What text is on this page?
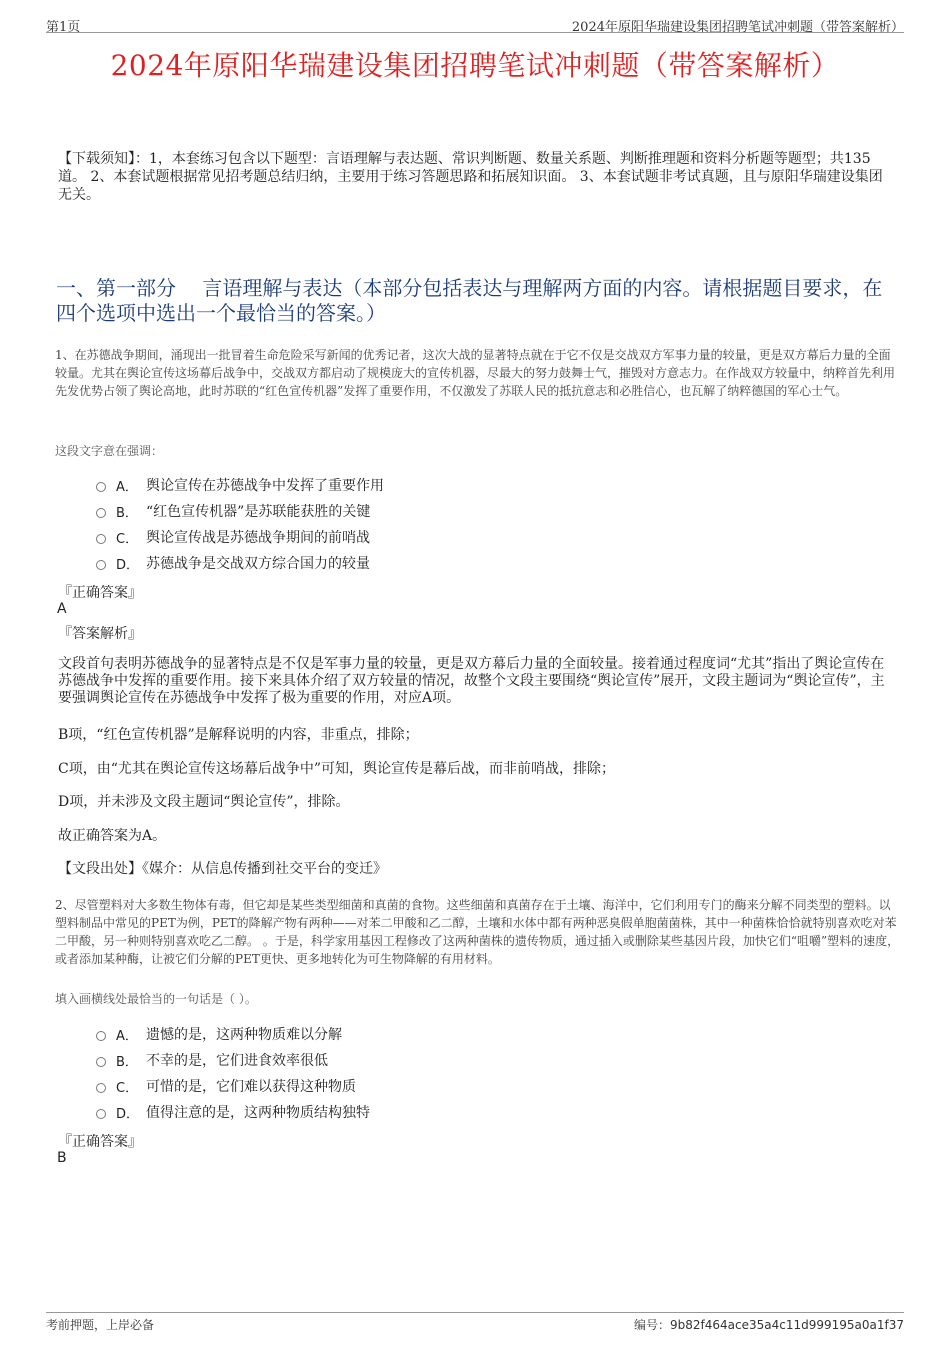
第1页	2024年原阳华瑞建设集团招聘笔试冲刺题（带答案解析）
2024年原阳华瑞建设集团招聘笔试冲刺题（带答案解析）
【下载须知】：1，本套练习包含以下题型：言语理解与表达题、常识判断题、数量关系题、判断推理题和资料分析题等题型；共135道。 2、本套试题根据常见招考题总结归纳，主要用于练习答题思路和拓展知识面。 3、本套试题非考试真题，且与原阳华瑞建设集团无关。
一、第一部分　 言语理解与表达（本部分包括表达与理解两方面的内容。请根据题目要求，在四个选项中选出一个最恰当的答案。）
1、在苏德战争期间，涌现出一批冒着生命危险采写新闻的优秀记者，这次大战的显著特点就在于它不仅是交战双方军事力量的较量，更是双方幕后力量的全面较量。尤其在舆论宣传这场幕后战争中，交战双方都启动了规模庞大的宣传机器，尽最大的努力鼓舞士气，摧毁对方意志力。在作战双方较量中，纳粹首先利用先发优势占领了舆论高地，此时苏联的“红色宣传机器”发挥了重要作用，不仅激发了苏联人民的抵抗意志和必胜信心，也瓦解了纳粹德国的军心士气。
这段文字意在强调：
A． 舆论宣传在苏德战争中发挥了重要作用
B． “红色宣传机器”是苏联能获胜的关键
C． 舆论宣传战是苏德战争期间的前哨战
D． 苏德战争是交战双方综合国力的较量
『正确答案』
A
『答案解析』
文段首句表明苏德战争的显著特点是不仅是军事力量的较量，更是双方幕后力量的全面较量。接着通过程度词“尤其”指出了舆论宣传在苏德战争中发挥的重要作用。接下来具体介绍了双方较量的情况，故整个文段主要围绕“舆论宣传”展开，文段主题词为“舆论宣传”，主要强调舆论宣传在苏德战争中发挥了极为重要的作用，对应A项。
B项，“红色宣传机器”是解释说明的内容，非重点，排除；
C项，由“尤其在舆论宣传这场幕后战争中”可知，舆论宣传是幕后战，而非前哨战，排除；
D项，并未涉及文段主题词“舆论宣传”，排除。
故正确答案为A。
【文段出处】《媒介：从信息传播到社交平台的变迁》
2、尽管塑料对大多数生物体有毒，但它却是某些类型细菌和真菌的食物。这些细菌和真菌存在于土壤、海洋中，它们利用专门的酶来分解不同类型的塑料。以塑料制品中常见的PET为例，PET的降解产物有两种——对苯二甲酸和乙二醇，土壤和水体中都有两种恶臭假单胞菌菌株，其中一种菌株恰恰就特别喜欢吃对苯二甲酸，另一种则特别喜欢吃乙二醇。 。于是，科学家用基因工程修改了这两种菌株的遗传物质，通过插入或删除某些基因片段，加快它们“咀嚼”塑料的速度，或者添加某种酶，让被它们分解的PET更快、更多地转化为可生物降解的有用材料。
填入画横线处最恰当的一句话是（ ）。
A． 遗憾的是，这两种物质难以分解
B． 不幸的是，它们进食效率很低
C． 可惜的是，它们难以获得这种物质
D． 值得注意的是，这两种物质结构独特
『正确答案』
B
考前押题，上岸必备	编号：9b82f464ace35a4c11d999195a0a1f37
